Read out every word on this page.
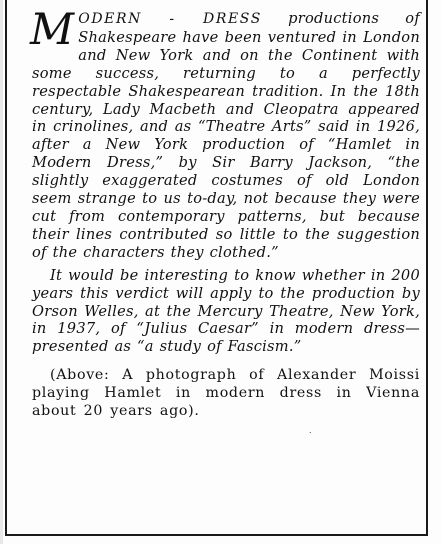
MODERN - DRESS productions of Shakespeare have been ventured in London and New York and on the Continent with some success, returning to a perfectly respectable Shakespearean tradition. In the 18th century, Lady Macbeth and Cleopatra appeared in crinolines, and as “Theatre Arts” said in 1926, after a New York production of “Hamlet in Modern Dress,” by Sir Barry Jackson, “the slightly exaggerated costumes of old London seem strange to us to-day, not because they were cut from contemporary patterns, but because their lines contributed so little to the suggestion of the characters they clothed.”

It would be interesting to know whether in 200 years this verdict will apply to the production by Orson Welles, at the Mercury Theatre, New York, in 1937, of “Julius Caesar” in modern dress—presented as “a study of Fascism.”

(Above: A photograph of Alexander Moissi playing Hamlet in modern dress in Vienna about 20 years ago).

˙
